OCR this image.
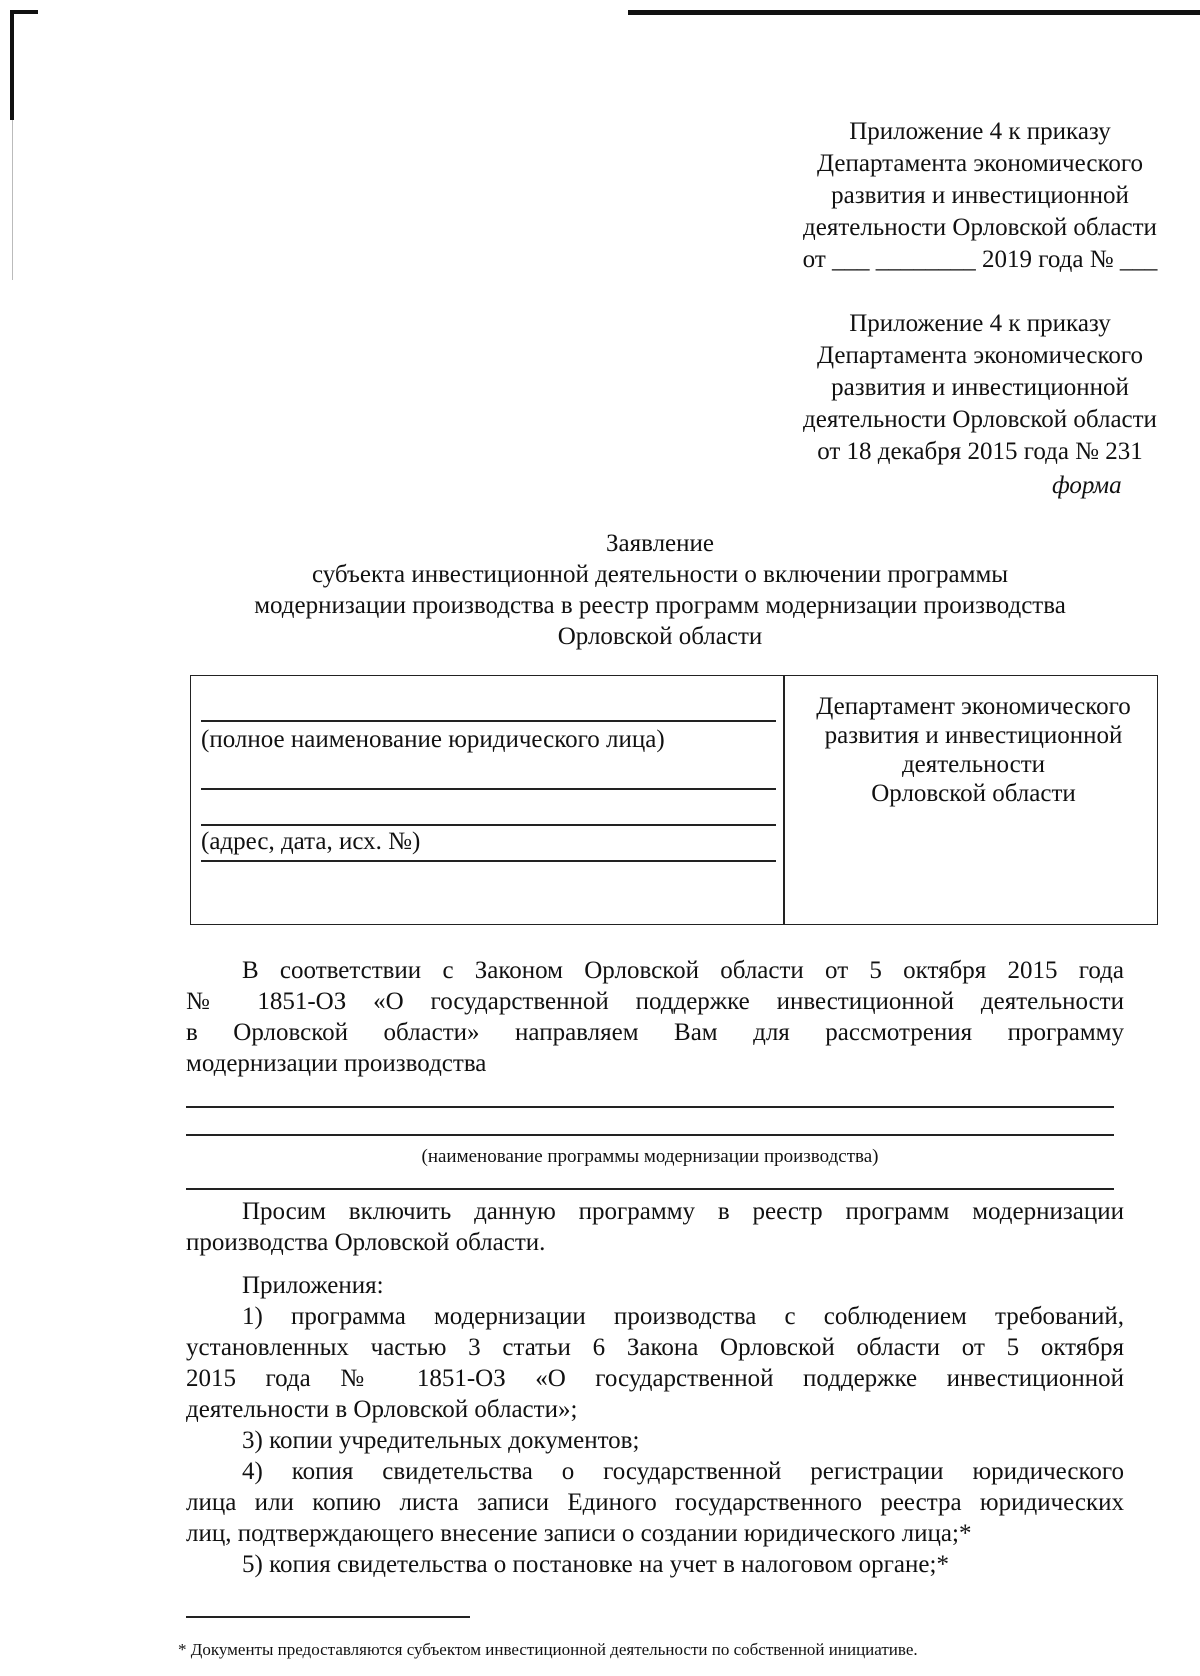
Приложение 4 к приказу
Департамента экономического
развития и инвестиционной
деятельности Орловской области
от ___ ________ 2019 года № ___
Приложение 4 к приказу
Департамента экономического
развития и инвестиционной
деятельности Орловской области
от 18 декабря 2015 года № 231
форма
Заявление
субъекта инвестиционной деятельности о включении программы
модернизации производства в реестр программ модернизации производства
Орловской области
(полное наименование юридического лица)
(адрес, дата, исх. №)
Департамент экономического
развития и инвестиционной
деятельности
Орловской области
В соответствии с Законом Орловской области от 5 октября 2015 года
№ 1851-ОЗ «О государственной поддержке инвестиционной деятельности
в Орловской области» направляем Вам для рассмотрения программу
модернизации производства
(наименование программы модернизации производства)
Просим включить данную программу в реестр программ модернизации
производства Орловской области.
Приложения:
1) программа модернизации производства с соблюдением требований,
установленных частью 3 статьи 6 Закона Орловской области от 5 октября
2015 года № 1851-ОЗ «О государственной поддержке инвестиционной
деятельности в Орловской области»;
3) копии учредительных документов;
4) копия свидетельства о государственной регистрации юридического
лица или копию листа записи Единого государственного реестра юридических
лиц, подтверждающего внесение записи о создании юридического лица;*
5) копия свидетельства о постановке на учет в налоговом органе;*
* Документы предоставляются субъектом инвестиционной деятельности по собственной инициативе.
